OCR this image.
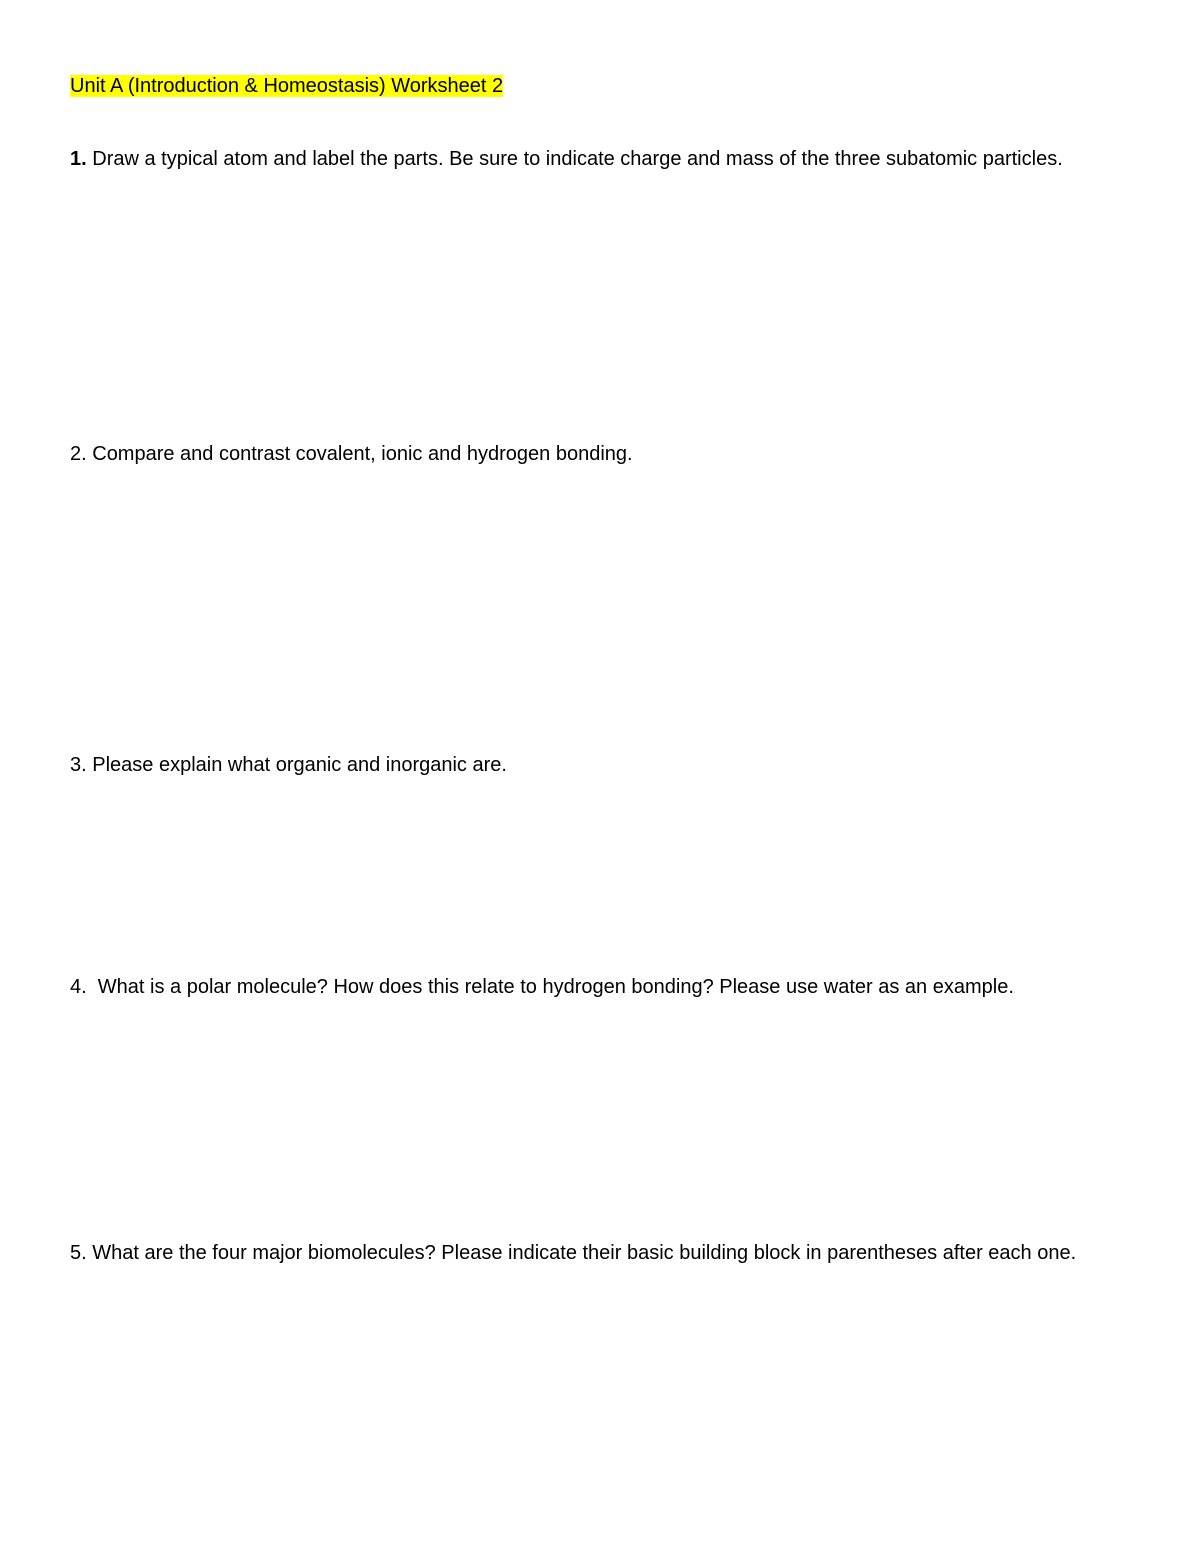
Unit A (Introduction & Homeostasis) Worksheet 2

1. Draw a typical atom and label the parts. Be sure to indicate charge and mass of the three subatomic particles.

2. Compare and contrast covalent, ionic and hydrogen bonding.

3. Please explain what organic and inorganic are.

4.  What is a polar molecule? How does this relate to hydrogen bonding? Please use water as an example.

5. What are the four major biomolecules? Please indicate their basic building block in parentheses after each one.
